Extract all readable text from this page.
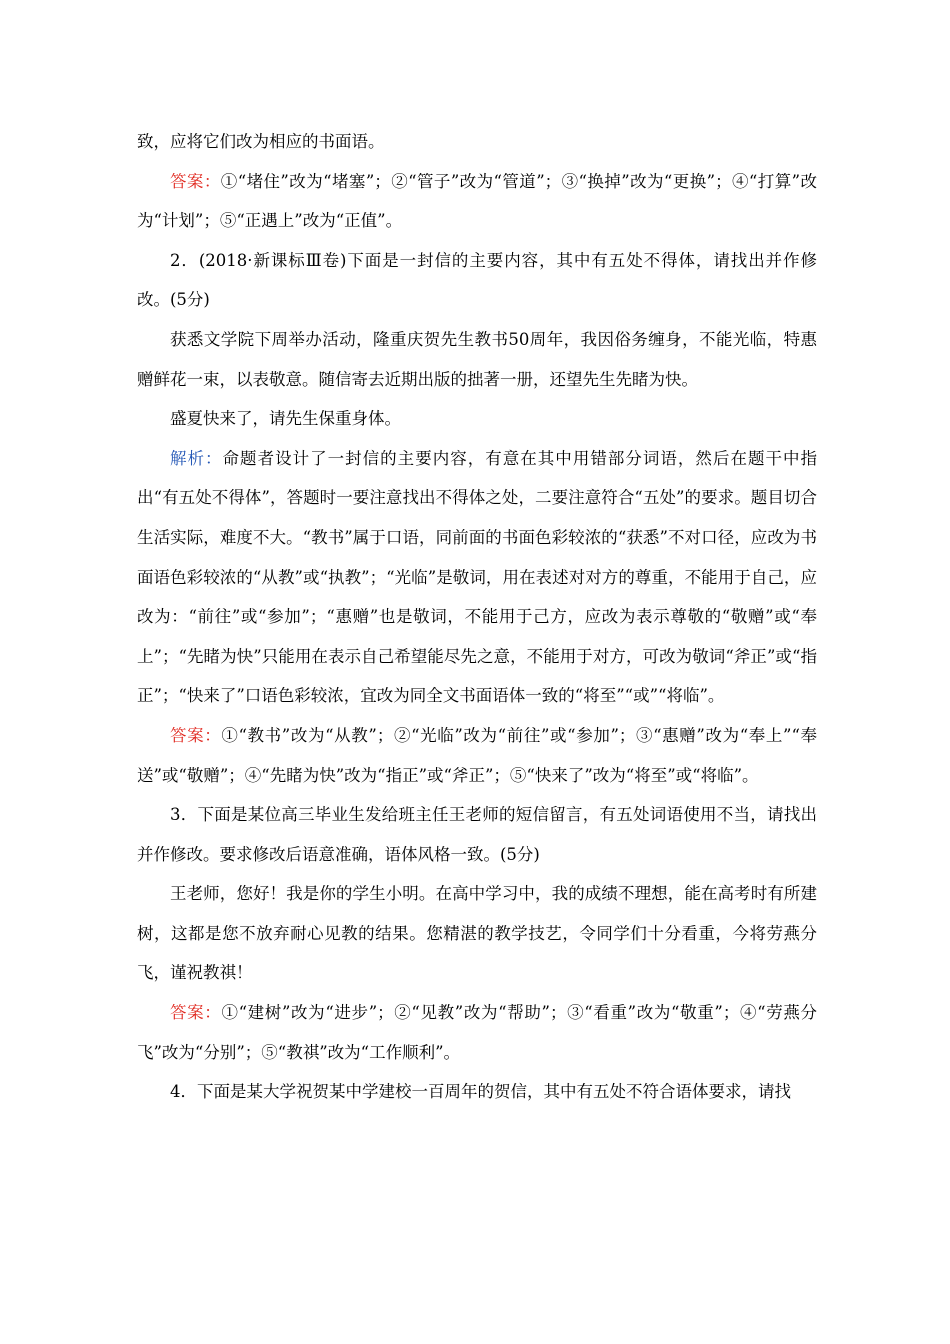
致，应将它们改为相应的书面语。

答案：①“堵住”改为“堵塞”；②“管子”改为“管道”；③“换掉”改为“更换”；④“打算”改为“计划”；⑤“正遇上”改为“正值”。

2．(2018·新课标Ⅲ卷)下面是一封信的主要内容，其中有五处不得体，请找出并作修改。(5分)

获悉文学院下周举办活动，隆重庆贺先生教书50周年，我因俗务缠身，不能光临，特惠赠鲜花一束，以表敬意。随信寄去近期出版的拙著一册，还望先生先睹为快。

盛夏快来了，请先生保重身体。

解析：命题者设计了一封信的主要内容，有意在其中用错部分词语，然后在题干中指出“有五处不得体”，答题时一要注意找出不得体之处，二要注意符合“五处”的要求。题目切合生活实际，难度不大。“教书”属于口语，同前面的书面色彩较浓的“获悉”不对口径，应改为书面语色彩较浓的“从教”或“执教”；“光临”是敬词，用在表述对对方的尊重，不能用于自己，应改为：“前往”或“参加”；“惠赠”也是敬词，不能用于己方，应改为表示尊敬的“敬赠”或“奉上”；“先睹为快”只能用在表示自己希望能尽先之意，不能用于对方，可改为敬词“斧正”或“指正”；“快来了”口语色彩较浓，宜改为同全文书面语体一致的“将至”“或”“将临”。

答案：①“教书”改为“从教”；②“光临”改为“前往”或“参加”；③“惠赠”改为“奉上”“奉送”或“敬赠”；④“先睹为快”改为“指正”或“斧正”；⑤“快来了”改为“将至”或“将临”。

3．下面是某位高三毕业生发给班主任王老师的短信留言，有五处词语使用不当，请找出并作修改。要求修改后语意准确，语体风格一致。(5分)

王老师，您好！我是你的学生小明。在高中学习中，我的成绩不理想，能在高考时有所建树，这都是您不放弃耐心见教的结果。您精湛的教学技艺，令同学们十分看重，今将劳燕分飞，谨祝教祺！

答案：①“建树”改为“进步”；②“见教”改为“帮助”；③“看重”改为“敬重”；④“劳燕分飞”改为“分别”；⑤“教祺”改为“工作顺利”。

4．下面是某大学祝贺某中学建校一百周年的贺信，其中有五处不符合语体要求，请找
